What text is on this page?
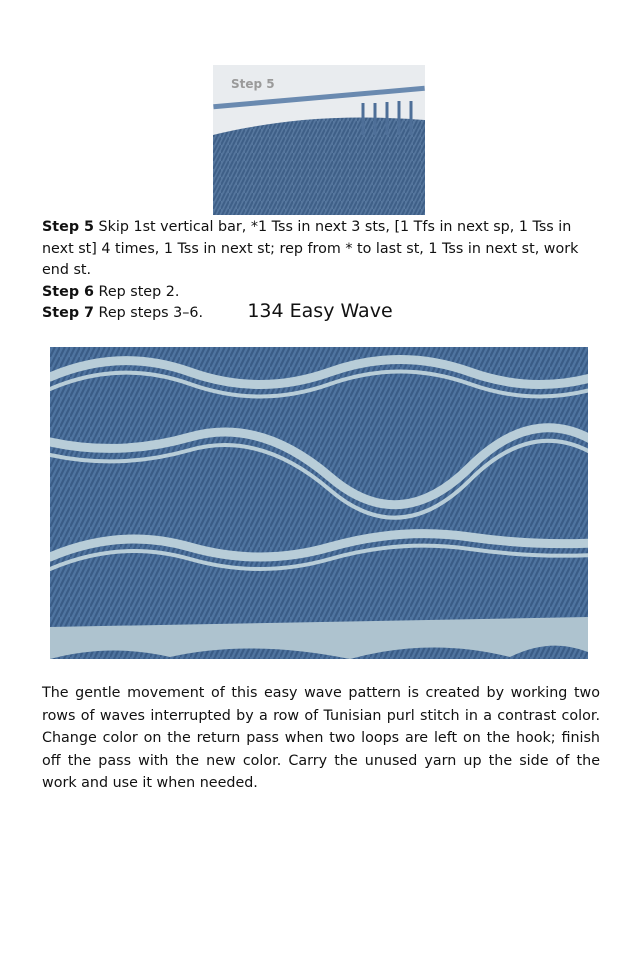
Step 5

Step 5 Skip 1st vertical bar, *1 Tss in next 3 sts, [1 Tfs in next sp, 1 Tss in next st] 4 times, 1 Tss in next st; rep from * to last st, 1 Tss in next st, work end st.

Step 6 Rep step 2.

Step 7 Rep steps 3–6.	134 Easy Wave

The gentle movement of this easy wave pattern is created by working two rows of waves interrupted by a row of Tunisian purl stitch in a contrast color. Change color on the return pass when two loops are left on the hook; finish off the pass with the new color. Carry the unused yarn up the side of the work and use it when needed.
